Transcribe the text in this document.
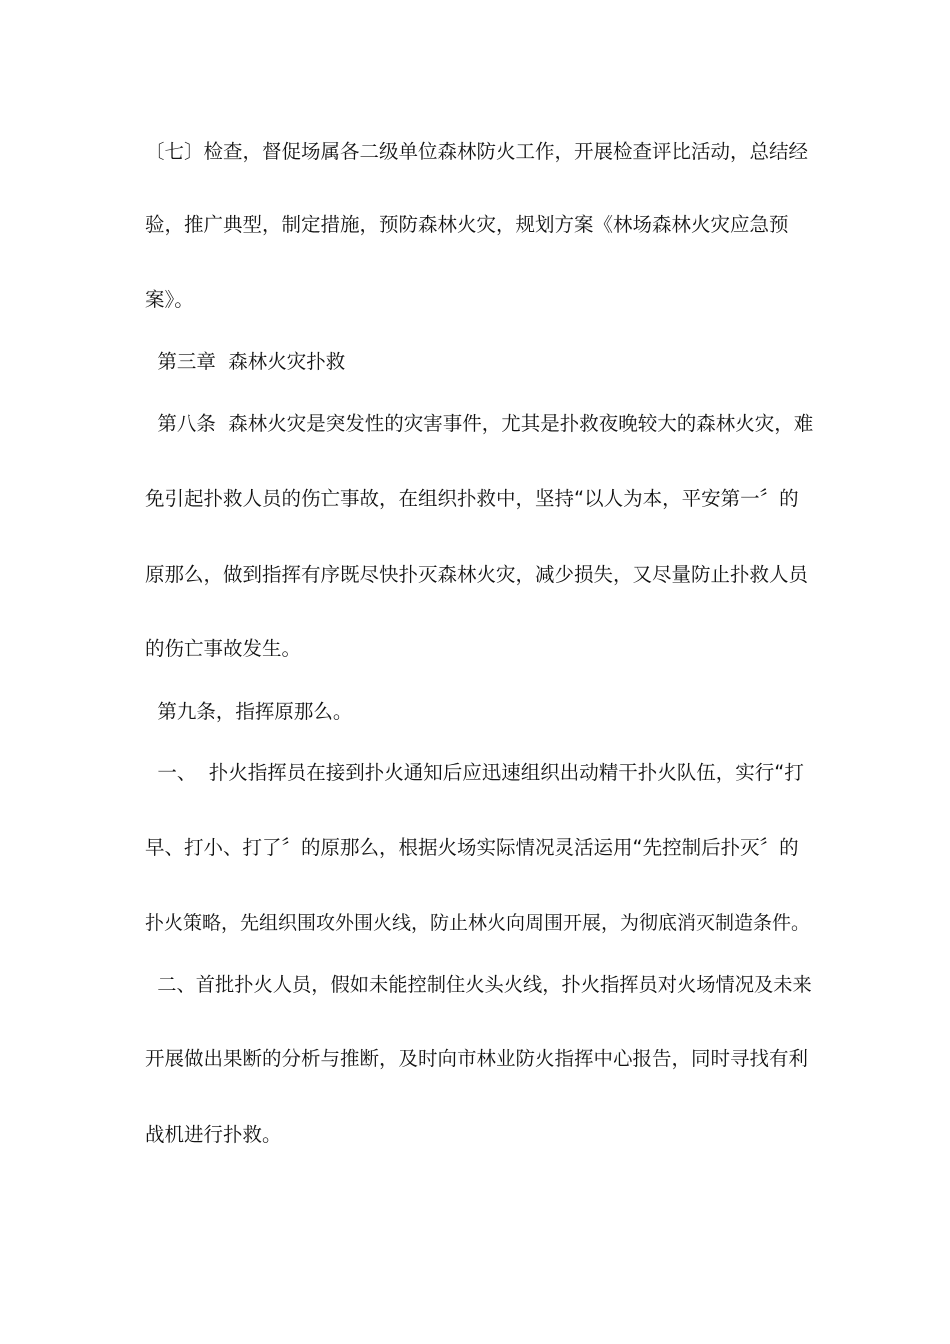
〔七〕检查，督促场属各二级单位森林防火工作，开展检查评比活动，总结经
验，推广典型，制定措施，预防森林火灾，规划方案《林场森林火灾应急预
案》。
第三章  森林火灾扑救
第八条  森林火灾是突发性的灾害事件，尤其是扑救夜晚较大的森林火灾，难
免引起扑救人员的伤亡事故，在组织扑救中，坚持“以人为本，平安第一〞的
原那么，做到指挥有序既尽快扑灭森林火灾，减少损失，又尽量防止扑救人员
的伤亡事故发生。
第九条，指挥原那么。
一、  扑火指挥员在接到扑火通知后应迅速组织出动精干扑火队伍，实行“打
早、打小、打了〞的原那么，根据火场实际情况灵活运用“先控制后扑灭〞的
扑火策略，先组织围攻外围火线，防止林火向周围开展，为彻底消灭制造条件。
二、首批扑火人员，假如未能控制住火头火线，扑火指挥员对火场情况及未来
开展做出果断的分析与推断，及时向市林业防火指挥中心报告，同时寻找有利
战机进行扑救。
